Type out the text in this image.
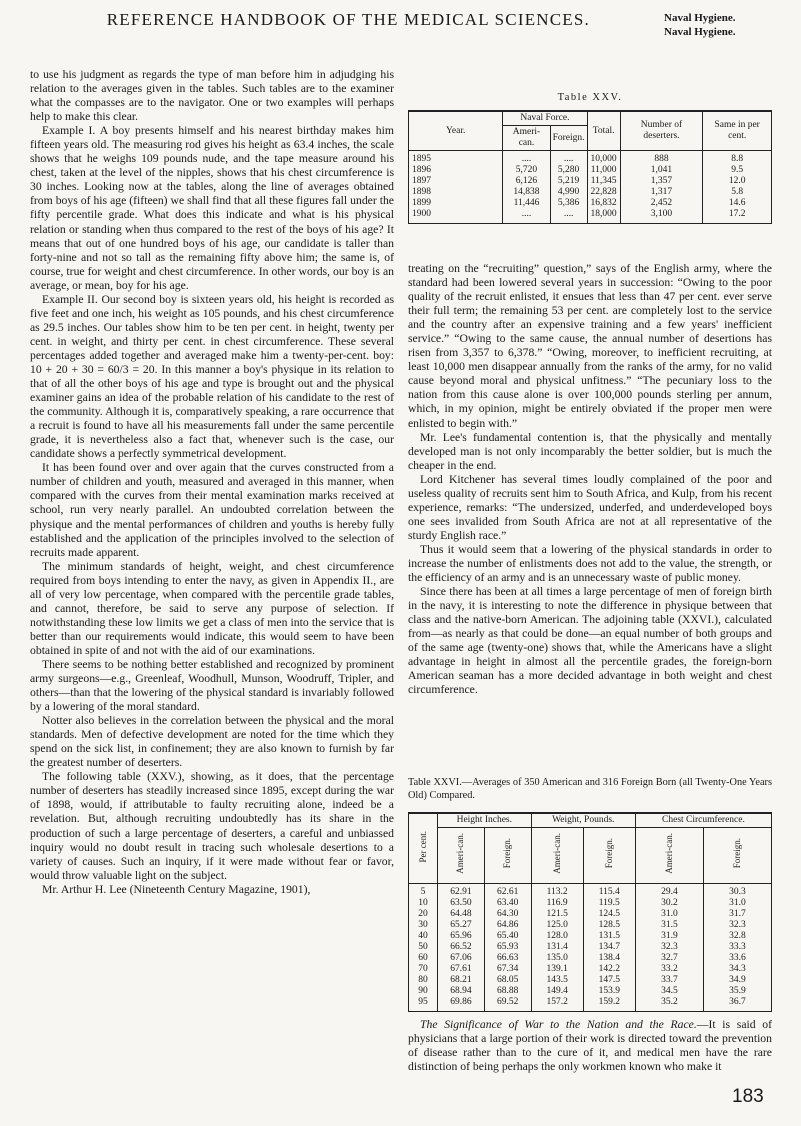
REFERENCE HANDBOOK OF THE MEDICAL SCIENCES.	Naval Hygiene.
Naval Hygiene.

to use his judgment as regards the type of man before him in adjudging his relation to the averages given in the tables. Such tables are to the examiner what the compasses are to the navigator. One or two examples will perhaps help to make this clear.

Example I. A boy presents himself and his nearest birthday makes him fifteen years old. The measuring rod gives his height as 63.4 inches, the scale shows that he weighs 109 pounds nude, and the tape measure around his chest, taken at the level of the nipples, shows that his chest circumference is 30 inches. Looking now at the tables, along the line of averages obtained from boys of his age (fifteen) we shall find that all these figures fall under the fifty percentile grade. What does this indicate and what is his physical relation or standing when thus compared to the rest of the boys of his age? It means that out of one hundred boys of his age, our candidate is taller than forty-nine and not so tall as the remaining fifty above him; the same is, of course, true for weight and chest circumference. In other words, our boy is an average, or mean, boy for his age.

Example II. Our second boy is sixteen years old, his height is recorded as five feet and one inch, his weight as 105 pounds, and his chest circumference as 29.5 inches. Our tables show him to be ten per cent. in height, twenty per cent. in weight, and thirty per cent. in chest circumference. These several percentages added together and averaged make him a twenty-per-cent. boy: 10 + 20 + 30 = 60/3 = 20. In this manner a boy's physique in its relation to that of all the other boys of his age and type is brought out and the physical examiner gains an idea of the probable relation of his candidate to the rest of the community. Although it is, comparatively speaking, a rare occurrence that a recruit is found to have all his measurements fall under the same percentile grade, it is nevertheless also a fact that, whenever such is the case, our candidate shows a perfectly symmetrical development.

It has been found over and over again that the curves constructed from a number of children and youth, measured and averaged in this manner, when compared with the curves from their mental examination marks received at school, run very nearly parallel. An undoubted correlation between the physique and the mental performances of children and youths is hereby fully established and the application of the principles involved to the selection of recruits made apparent.

The minimum standards of height, weight, and chest circumference required from boys intending to enter the navy, as given in Appendix II., are all of very low percentage, when compared with the percentile grade tables, and cannot, therefore, be said to serve any purpose of selection. If notwithstanding these low limits we get a class of men into the service that is better than our requirements would indicate, this would seem to have been obtained in spite of and not with the aid of our examinations.

There seems to be nothing better established and recognized by prominent army surgeons—e.g., Greenleaf, Woodhull, Munson, Woodruff, Tripler, and others—than that the lowering of the physical standard is invariably followed by a lowering of the moral standard.

Notter also believes in the correlation between the physical and the moral standards. Men of defective development are noted for the time which they spend on the sick list, in confinement; they are also known to furnish by far the greatest number of deserters.

The following table (XXV.), showing, as it does, that the percentage number of deserters has steadily increased since 1895, except during the war of 1898, would, if attributable to faulty recruiting alone, indeed be a revelation. But, although recruiting undoubtedly has its share in the production of such a large percentage of deserters, a careful and unbiassed inquiry would no doubt result in tracing such wholesale desertions to a variety of causes. Such an inquiry, if it were made without fear or favor, would throw valuable light on the subject.

Mr. Arthur H. Lee (Nineteenth Century Magazine, 1901),

Table XXV.
Year.	Naval Force.		Total.	Number of deserters.	Same in per cent.
	Ameri-can.	Foreign.			
1895	....	....	10,000	888	8.8
1896	5,720	5,280	11,000	1,041	9.5
1897	6,126	5,219	11,345	1,357	12.0
1898	14,838	4,990	22,828	1,317	5.8
1899	11,446	5,386	16,832	2,452	14.6
1900	....	....	18,000	3,100	17.2

treating on the “recruiting” question,” says of the English army, where the standard had been lowered several years in succession: “Owing to the poor quality of the recruit enlisted, it ensues that less than 47 per cent. ever serve their full term; the remaining 53 per cent. are completely lost to the service and the country after an expensive training and a few years' inefficient service.” “Owing to the same cause, the annual number of desertions has risen from 3,357 to 6,378.” “Owing, moreover, to inefficient recruiting, at least 10,000 men disappear annually from the ranks of the army, for no valid cause beyond moral and physical unfitness.” “The pecuniary loss to the nation from this cause alone is over 100,000 pounds sterling per annum, which, in my opinion, might be entirely obviated if the proper men were enlisted to begin with.”

Mr. Lee's fundamental contention is, that the physically and mentally developed man is not only incomparably the better soldier, but is much the cheaper in the end.

Lord Kitchener has several times loudly complained of the poor and useless quality of recruits sent him to South Africa, and Kulp, from his recent experience, remarks: “The undersized, underfed, and underdeveloped boys one sees invalided from South Africa are not at all representative of the sturdy English race.”

Thus it would seem that a lowering of the physical standards in order to increase the number of enlistments does not add to the value, the strength, or the efficiency of an army and is an unnecessary waste of public money.

Since there has been at all times a large percentage of men of foreign birth in the navy, it is interesting to note the difference in physique between that class and the native-born American. The adjoining table (XXVI.), calculated from—as nearly as that could be done—an equal number of both groups and of the same age (twenty-one) shows that, while the Americans have a slight advantage in height in almost all the percentile grades, the foreign-born American seaman has a more decided advantage in both weight and chest circumference.

Table XXVI.—Averages of 350 American and 316 Foreign Born (all Twenty-One Years Old) Compared.
Per cent.	Height Inches.		Weight, Pounds.		Chest Circumference.	
	Ameri-can.	Foreign.	Ameri-can.	Foreign.	Ameri-can.	Foreign.
5	62.91	62.61	113.2	115.4	29.4	30.3
10	63.50	63.40	116.9	119.5	30.2	31.0
20	64.48	64.30	121.5	124.5	31.0	31.7
30	65.27	64.86	125.0	128.5	31.5	32.3
40	65.96	65.40	128.0	131.5	31.9	32.8
50	66.52	65.93	131.4	134.7	32.3	33.3
60	67.06	66.63	135.0	138.4	32.7	33.6
70	67.61	67.34	139.1	142.2	33.2	34.3
80	68.21	68.05	143.5	147.5	33.7	34.9
90	68.94	68.88	149.4	153.9	34.5	35.9
95	69.86	69.52	157.2	159.2	35.2	36.7

The Significance of War to the Nation and the Race.—It is said of physicians that a large portion of their work is directed toward the prevention of disease rather than to the cure of it, and medical men have the rare distinction of being perhaps the only workmen known who make it

183
